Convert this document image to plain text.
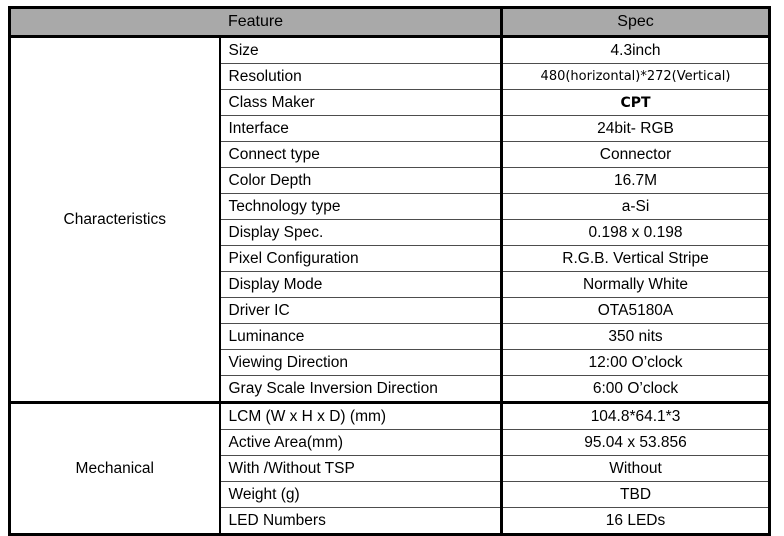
Feature		Spec
Characteristics	Size	4.3inch
	Resolution	480(horizontal)*272(Vertical)
	Class Maker	CPT
	Interface	24bit- RGB
	Connect type	Connector
	Color Depth	16.7M
	Technology type	a-Si
	Display Spec.	0.198 x 0.198
	Pixel Configuration	R.G.B. Vertical Stripe
	Display Mode	Normally White
	Driver IC	OTA5180A
	Luminance	350 nits
	Viewing Direction	12:00 O’clock
	Gray Scale Inversion Direction	6:00 O’clock
Mechanical	LCM (W x H x D) (mm)	104.8*64.1*3
	Active Area(mm)	95.04 x 53.856
	With /Without TSP	Without
	Weight (g)	TBD
	LED Numbers	16 LEDs
